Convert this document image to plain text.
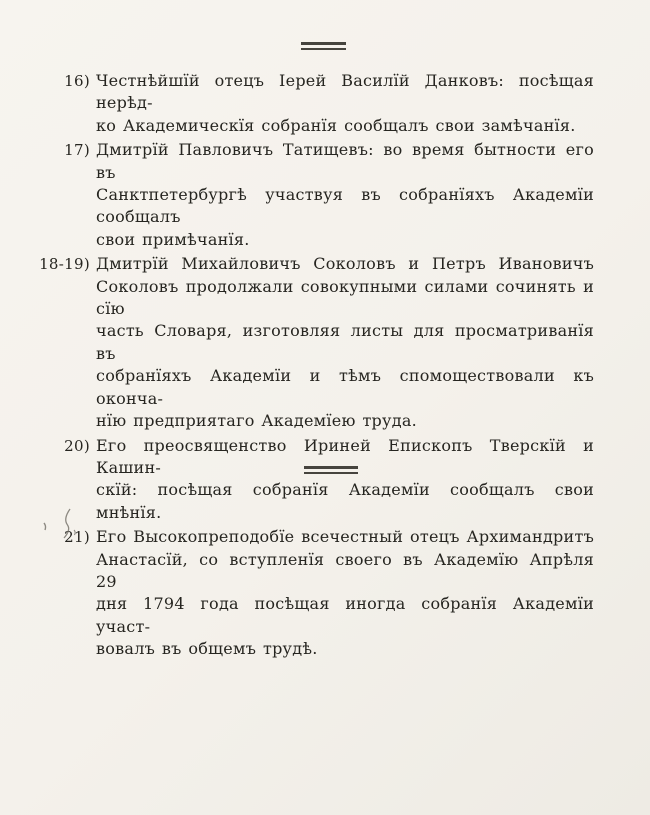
16) Честнѣйшїй отецъ Іерей Василїй Данковъ: посѣщая нерѣд-

ко Академическїя собранїя сообщалъ свои замѣчанїя.

17) Дмитрїй Павловичъ Татищевъ: во время бытности его въ

Санктпетербургѣ участвуя въ собранїяхъ Академїи сообщалъ

свои примѣчанїя.

18-19) Дмитрїй Михайловичъ Соколовъ и Петръ Ивановичъ

Соколовъ продолжали совокупными силами сочинять и сїю

часть Словаря, изготовляя листы для просматриванїя въ

собранїяхъ Академїи и тѣмъ спомоществовали къ оконча-

нїю предприятаго Академїею труда.

20) Его преосвященство Ириней Епископъ Тверскїй и Кашин-

скїй: посѣщая собранїя Академїи сообщалъ свои мнѣнїя.

21) Его Высокопреподобїе всечестный отецъ Архимандритъ

Анастасїй, со вступленїя своего въ Академїю Апрѣля 29

дня 1794 года посѣщая иногда собранїя Академїи участ-

вовалъ въ общемъ трудѣ.
